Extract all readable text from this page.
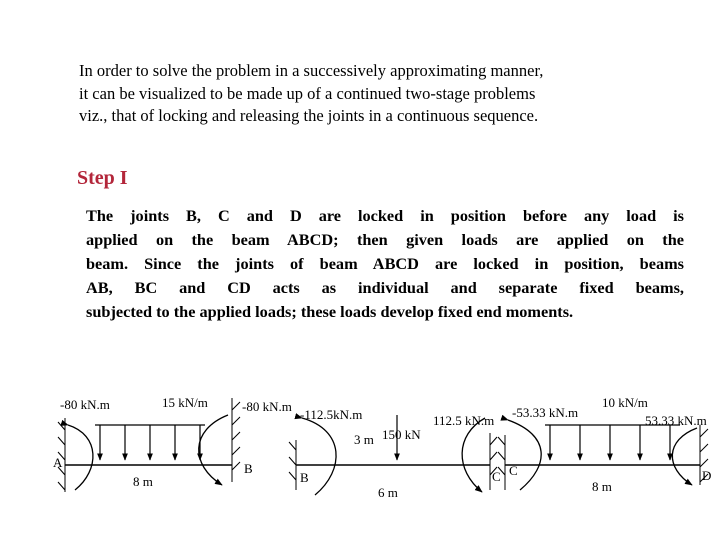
In order to solve the problem in a successively approximating manner,
it can be visualized to be made up of a continued two-stage problems
viz., that of locking and releasing the joints in a continuous sequence.

Step I

The joints B, C and D are locked in position before any load is
applied on the beam ABCD; then given loads are applied on the
beam. Since the joints of beam ABCD are locked in position, beams
AB, BC and CD acts as individual and separate fixed beams,
subjected to the applied loads; these loads develop fixed end moments.

-80 kN.m	15 kN/m	-80 kN.m
A	B
8 m
-112.5kN.m
3 m 150 kN
112.5 kN.m
B	C
6 m
-53.33 kN.m
10 kN/m
53.33 kN.m
C	D
8 m
